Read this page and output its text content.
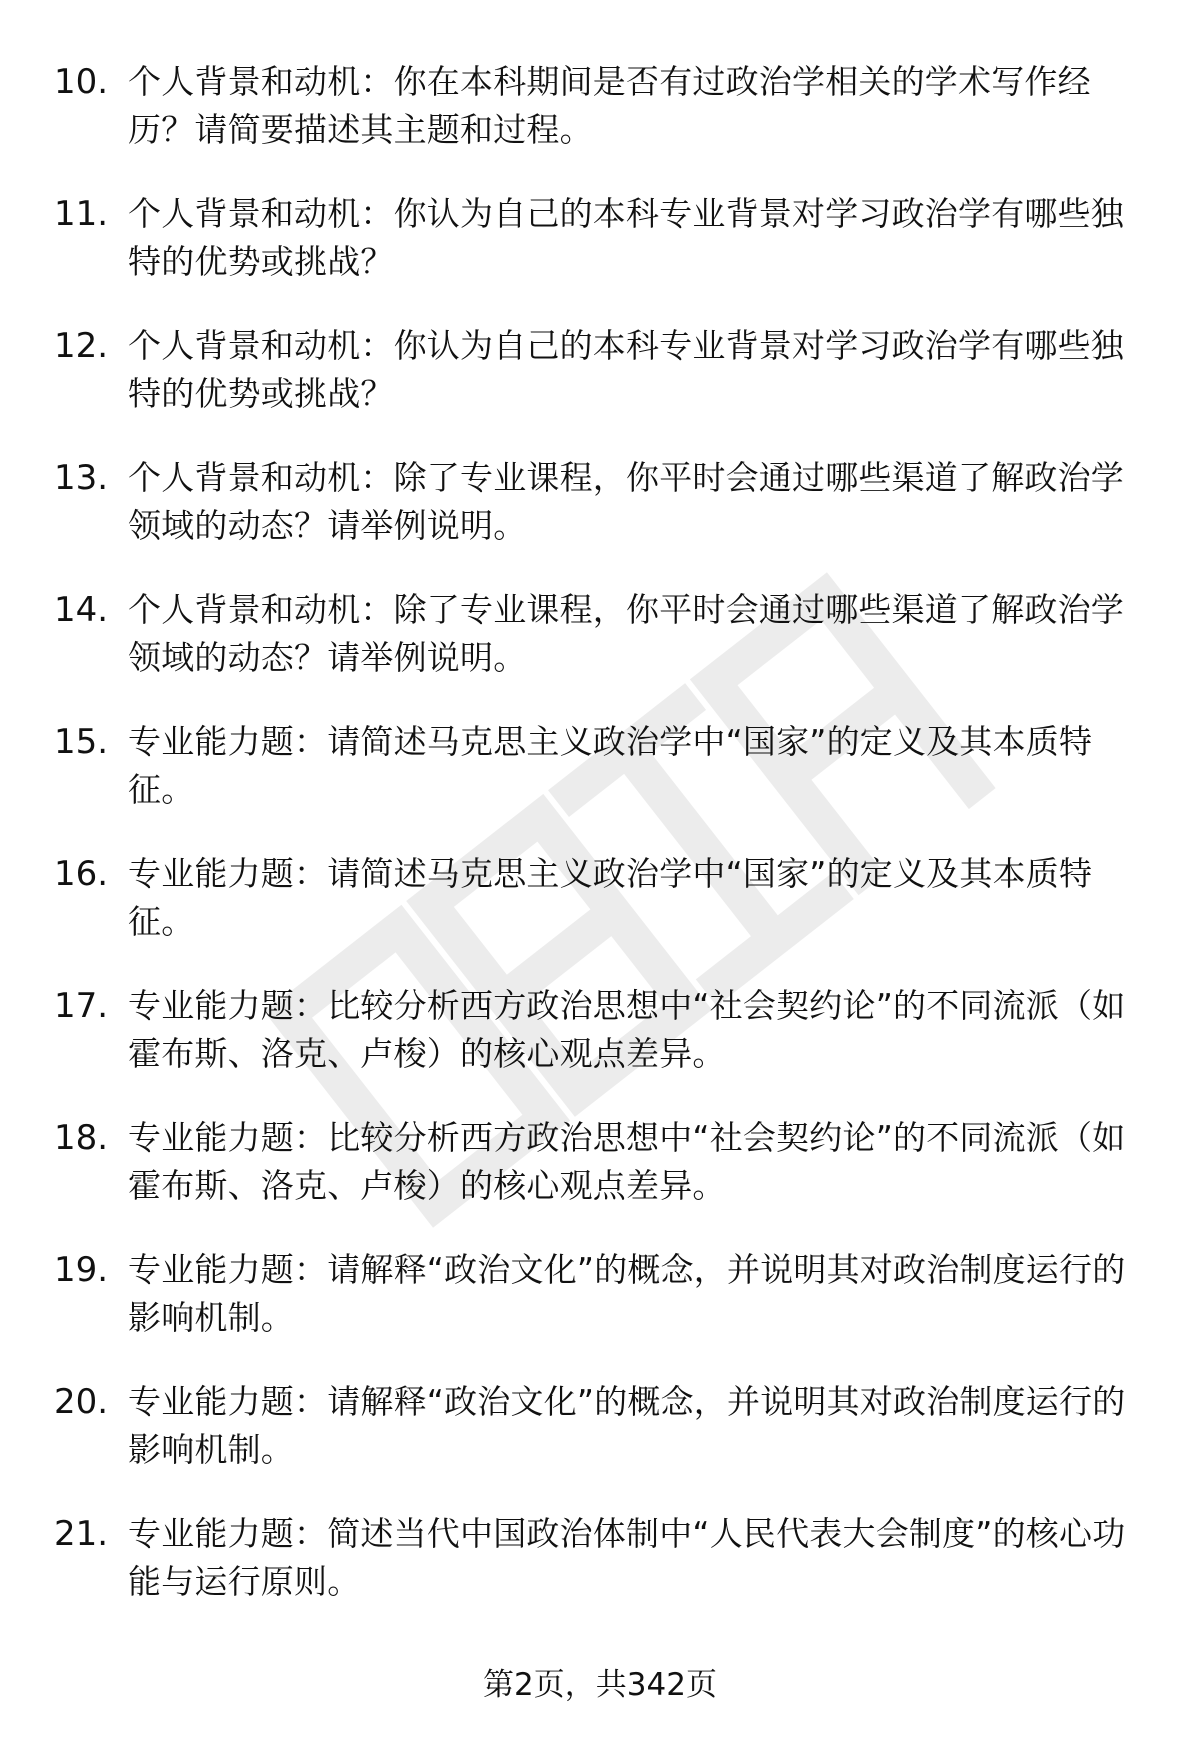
10. 个人背景和动机：你在本科期间是否有过政治学相关的学术写作经历？请简要描述其主题和过程。
11. 个人背景和动机：你认为自己的本科专业背景对学习政治学有哪些独特的优势或挑战？
12. 个人背景和动机：你认为自己的本科专业背景对学习政治学有哪些独特的优势或挑战？
13. 个人背景和动机：除了专业课程，你平时会通过哪些渠道了解政治学领域的动态？请举例说明。
14. 个人背景和动机：除了专业课程，你平时会通过哪些渠道了解政治学领域的动态？请举例说明。
15. 专业能力题：请简述马克思主义政治学中“国家”的定义及其本质特征。
16. 专业能力题：请简述马克思主义政治学中“国家”的定义及其本质特征。
17. 专业能力题：比较分析西方政治思想中“社会契约论”的不同流派（如霍布斯、洛克、卢梭）的核心观点差异。
18. 专业能力题：比较分析西方政治思想中“社会契约论”的不同流派（如霍布斯、洛克、卢梭）的核心观点差异。
19. 专业能力题：请解释“政治文化”的概念，并说明其对政治制度运行的影响机制。
20. 专业能力题：请解释“政治文化”的概念，并说明其对政治制度运行的影响机制。
21. 专业能力题：简述当代中国政治体制中“人民代表大会制度”的核心功能与运行原则。
第2页，共342页
